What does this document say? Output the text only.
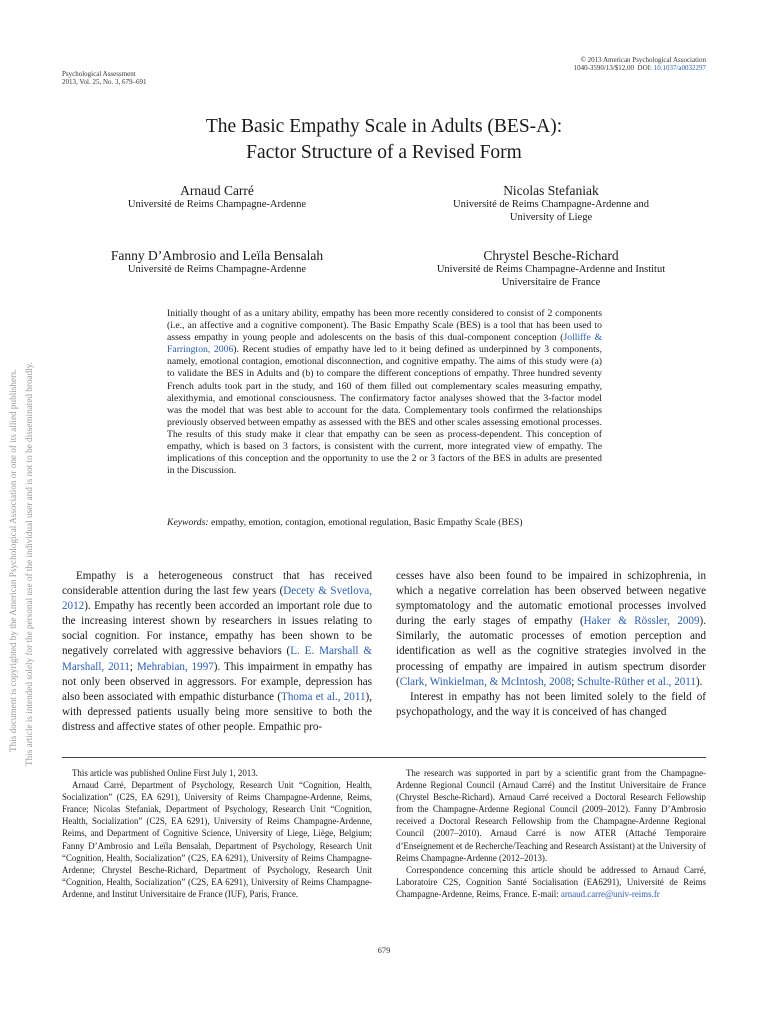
Psychological Assessment
2013, Vol. 25, No. 3, 679–691
© 2013 American Psychological Association
1040-3590/13/$12.00 DOI: 10.1037/a0032297
The Basic Empathy Scale in Adults (BES-A):
Factor Structure of a Revised Form
Arnaud Carré
Université de Reims Champagne-Ardenne
Nicolas Stefaniak
Université de Reims Champagne-Ardenne and
University of Liege
Fanny D’Ambrosio and Leïla Bensalah
Université de Reims Champagne-Ardenne
Chrystel Besche-Richard
Université de Reims Champagne-Ardenne and Institut
Universitaire de France
Initially thought of as a unitary ability, empathy has been more recently considered to consist of 2 components (i.e., an affective and a cognitive component). The Basic Empathy Scale (BES) is a tool that has been used to assess empathy in young people and adolescents on the basis of this dual-component conception (Jolliffe & Farrington, 2006). Recent studies of empathy have led to it being defined as underpinned by 3 components, namely, emotional contagion, emotional disconnection, and cognitive empathy. The aims of this study were (a) to validate the BES in Adults and (b) to compare the different conceptions of empathy. Three hundred seventy French adults took part in the study, and 160 of them filled out complementary scales measuring empathy, alexithymia, and emotional consciousness. The confirmatory factor analyses showed that the 3-factor model was the model that was best able to account for the data. Complementary tools confirmed the relationships previously observed between empathy as assessed with the BES and other scales assessing emotional processes. The results of this study make it clear that empathy can be seen as process-dependent. This conception of empathy, which is based on 3 factors, is consistent with the current, more integrated view of empathy. The implications of this conception and the opportunity to use the 2 or 3 factors of the BES in adults are presented in the Discussion.
Keywords: empathy, emotion, contagion, emotional regulation, Basic Empathy Scale (BES)
This document is copyrighted by the American Psychological Association or one of its allied publishers. This article is intended solely for the personal use of the individual user and is not to be disseminated broadly.	Empathy is a heterogeneous construct that has received considerable attention during the last few years (Decety & Svetlova, 2012). Empathy has recently been accorded an important role due to the increasing interest shown by researchers in issues relating to social cognition. For instance, empathy has been shown to be negatively correlated with aggressive behaviors (L. E. Marshall & Marshall, 2011; Mehrabian, 1997). This impairment in empathy has not only been observed in aggressors. For example, depression has also been associated with empathic disturbance (Thoma et al., 2011), with depressed patients usually being more sensitive to both the distress and affective states of other people. Empathic pro-

cesses have also been found to be impaired in schizophrenia, in which a negative correlation has been observed between negative symptomatology and the automatic emotional processes involved during the early stages of empathy (Haker & Rössler, 2009). Similarly, the automatic processes of emotion perception and identification as well as the cognitive strategies involved in the processing of empathy are impaired in autism spectrum disorder (Clark, Winkielman, & McIntosh, 2008; Schulte-Rüther et al., 2011).

Interest in empathy has not been limited solely to the field of psychopathology, and the way it is conceived of has changed

This article was published Online First July 1, 2013.

Arnaud Carré, Department of Psychology, Research Unit “Cognition, Health, Socialization” (C2S, EA 6291), University of Reims Champagne-Ardenne, Reims, France; Nicolas Stefaniak, Department of Psychology, Research Unit “Cognition, Health, Socialization” (C2S, EA 6291), University of Reims Champagne-Ardenne, Reims, and Department of Cognitive Science, University of Liege, Liège, Belgium; Fanny D’Ambrosio and Leïla Bensalah, Department of Psychology, Research Unit “Cognition, Health, Socialization” (C2S, EA 6291), University of Reims Champagne-Ardenne; Chrystel Besche-Richard, Department of Psychology, Research Unit “Cognition, Health, Socialization” (C2S, EA 6291), University of Reims Champagne-Ardenne, and Institut Universitaire de France (IUF), Paris, France.

The research was supported in part by a scientific grant from the Champagne-Ardenne Regional Council (Arnaud Carré) and the Institut Universitaire de France (Chrystel Besche-Richard). Arnaud Carré received a Doctoral Research Fellowship from the Champagne-Ardenne Regional Council (2009–2012). Fanny D’Ambrosio received a Doctoral Research Fellowship from the Champagne-Ardenne Regional Council (2007–2010). Arnaud Carré is now ATER (Attaché Temporaire d’Enseignement et de Recherche/Teaching and Research Assistant) at the University of Reims Champagne-Ardenne (2012–2013).

Correspondence concerning this article should be addressed to Arnaud Carré, Laboratoire C2S, Cognition Santé Socialisation (EA6291), Université de Reims Champagne-Ardenne, Reims, France. E-mail: arnaud.carre@univ-reims.fr

679
